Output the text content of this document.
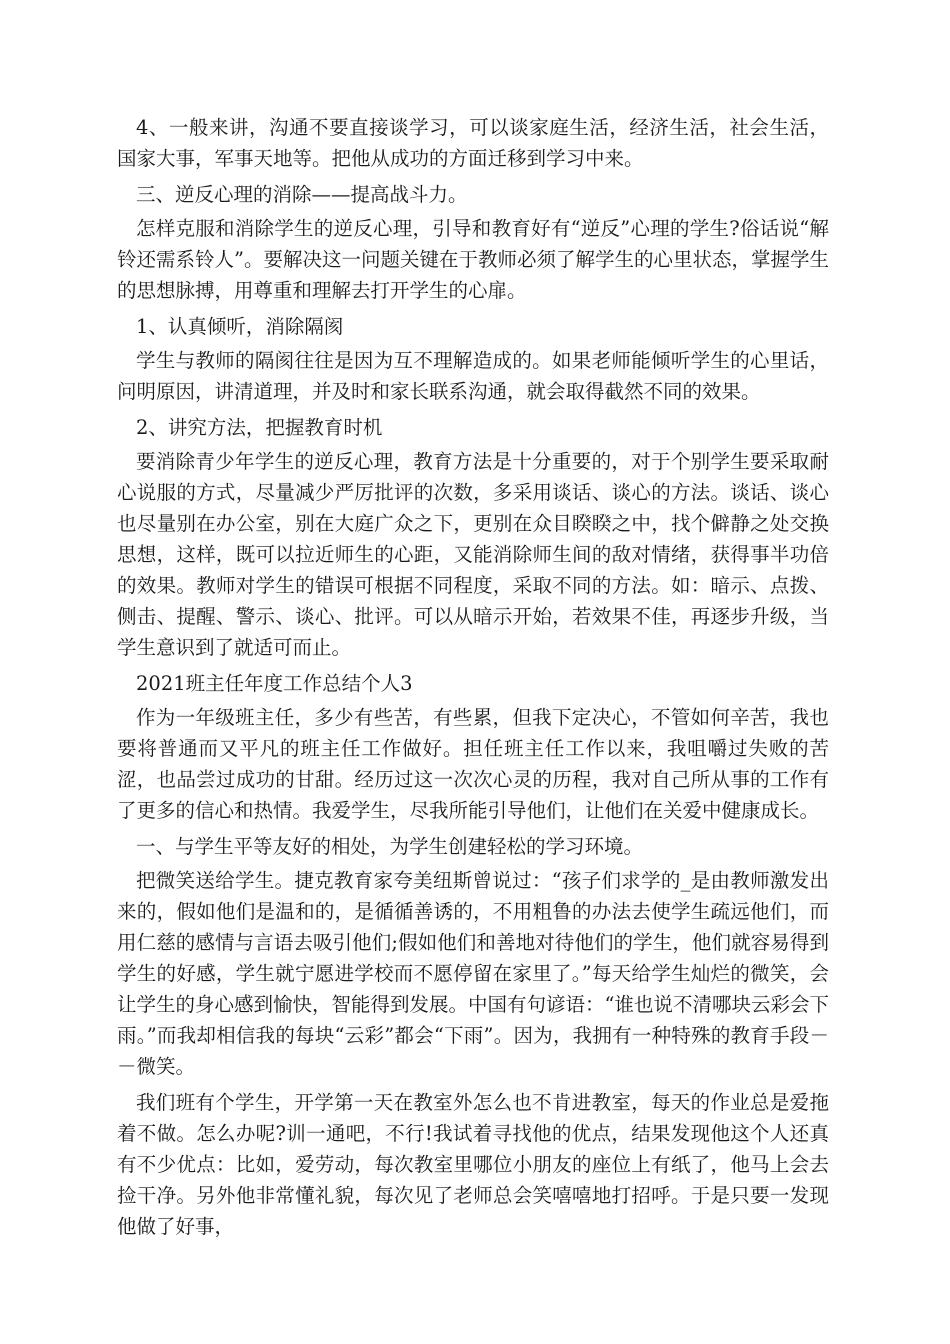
4、一般来讲，沟通不要直接谈学习，可以谈家庭生活，经济生活，社会生活，国家大事，军事天地等。把他从成功的方面迁移到学习中来。

三、逆反心理的消除——提高战斗力。

怎样克服和消除学生的逆反心理，引导和教育好有“逆反”心理的学生?俗话说“解铃还需系铃人”。要解决这一问题关键在于教师必须了解学生的心里状态，掌握学生的思想脉搏，用尊重和理解去打开学生的心扉。

1、认真倾听，消除隔阂

学生与教师的隔阂往往是因为互不理解造成的。如果老师能倾听学生的心里话，问明原因，讲清道理，并及时和家长联系沟通，就会取得截然不同的效果。

2、讲究方法，把握教育时机

要消除青少年学生的逆反心理，教育方法是十分重要的，对于个别学生要采取耐心说服的方式，尽量减少严厉批评的次数，多采用谈话、谈心的方法。谈话、谈心也尽量别在办公室，别在大庭广众之下，更别在众目睽睽之中，找个僻静之处交换思想，这样，既可以拉近师生的心距，又能消除师生间的敌对情绪，获得事半功倍的效果。教师对学生的错误可根据不同程度，采取不同的方法。如：暗示、点拨、侧击、提醒、警示、谈心、批评。可以从暗示开始，若效果不佳，再逐步升级，当学生意识到了就适可而止。

2021班主任年度工作总结个人3

作为一年级班主任，多少有些苦，有些累，但我下定决心，不管如何辛苦，我也要将普通而又平凡的班主任工作做好。担任班主任工作以来，我咀嚼过失败的苦涩，也品尝过成功的甘甜。经历过这一次次心灵的历程，我对自己所从事的工作有了更多的信心和热情。我爱学生，尽我所能引导他们，让他们在关爱中健康成长。

一、与学生平等友好的相处，为学生创建轻松的学习环境。

把微笑送给学生。捷克教育家夸美纽斯曾说过：“孩子们求学的_是由教师激发出来的，假如他们是温和的，是循循善诱的，不用粗鲁的办法去使学生疏远他们，而用仁慈的感情与言语去吸引他们;假如他们和善地对待他们的学生，他们就容易得到学生的好感，学生就宁愿进学校而不愿停留在家里了。”每天给学生灿烂的微笑，会让学生的身心感到愉快，智能得到发展。中国有句谚语：“谁也说不清哪块云彩会下雨。”而我却相信我的每块“云彩”都会“下雨”。因为，我拥有一种特殊的教育手段－－微笑。

我们班有个学生，开学第一天在教室外怎么也不肯进教室，每天的作业总是爱拖着不做。怎么办呢?训一通吧，不行!我试着寻找他的优点，结果发现他这个人还真有不少优点：比如，爱劳动，每次教室里哪位小朋友的座位上有纸了，他马上会去捡干净。另外他非常懂礼貌，每次见了老师总会笑嘻嘻地打招呼。于是只要一发现他做了好事，
